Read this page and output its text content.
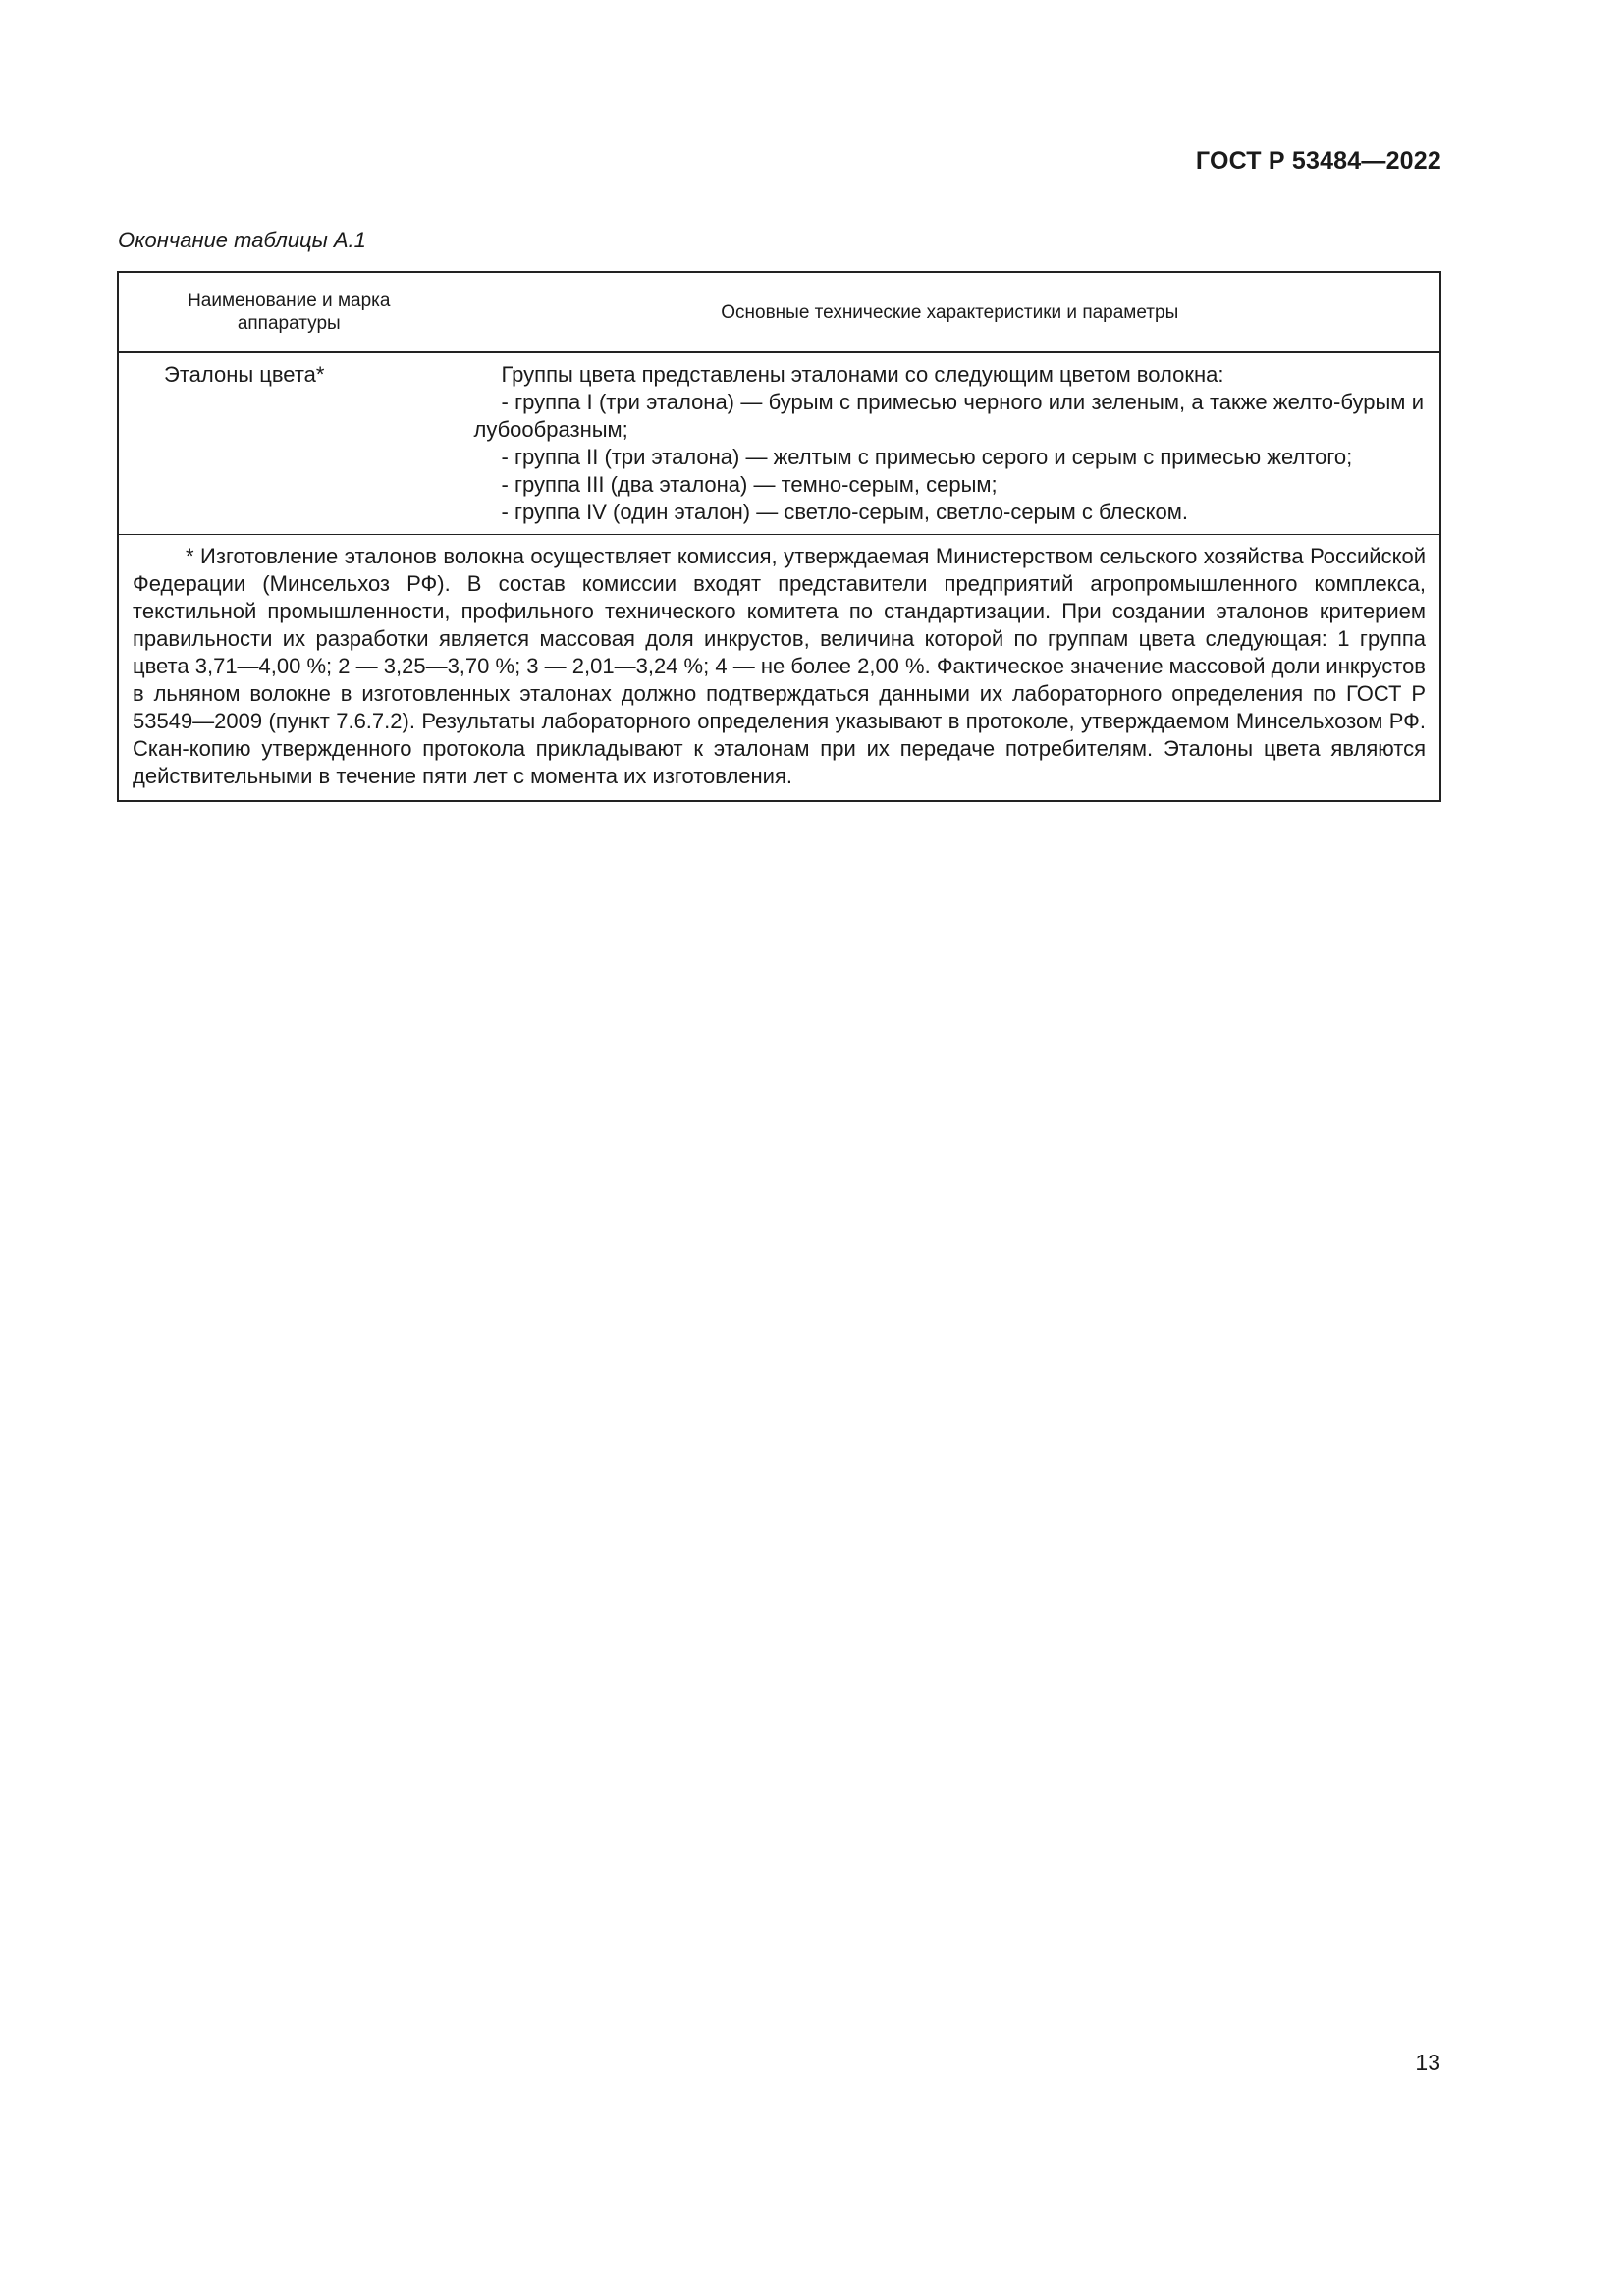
ГОСТ Р 53484—2022
Окончание таблицы А.1
Наименование и марка аппаратуры	Основные технические характеристики и параметры
Эталоны цвета*	Группы цвета представлены эталонами со следующим цветом волокна:

- группа I (три эталона) — бурым с примесью черного или зеленым, а также желто-бурым и лубообразным;

- группа II (три эталона) — желтым с примесью серого и серым с примесью желтого;

- группа III (два эталона) — темно-серым, серым;

- группа IV (один эталон) — светло-серым, светло-серым с блеском.

* Изготовление эталонов волокна осуществляет комиссия, утверждаемая Министерством сельского хозяйства Российской Федерации (Минсельхоз РФ). В состав комиссии входят представители предприятий агропромышленного комплекса, текстильной промышленности, профильного технического комитета по стандартизации. При создании эталонов критерием правильности их разработки является массовая доля инкрустов, величина которой по группам цвета следующая: 1 группа цвета 3,71—4,00 %; 2 — 3,25—3,70 %; 3 — 2,01—3,24 %; 4 — не более 2,00 %. Фактическое значение массовой доли инкрустов в льняном волокне в изготовленных эталонах должно подтверждаться данными их лабораторного определения по ГОСТ Р 53549—2009 (пункт 7.6.7.2). Результаты лабораторного определения указывают в протоколе, утверждаемом Минсельхозом РФ. Скан-копию утвержденного протокола прикладывают к эталонам при их передаче потребителям. Эталоны цвета являются действительными в течение пяти лет с момента их изготовления.	
13
